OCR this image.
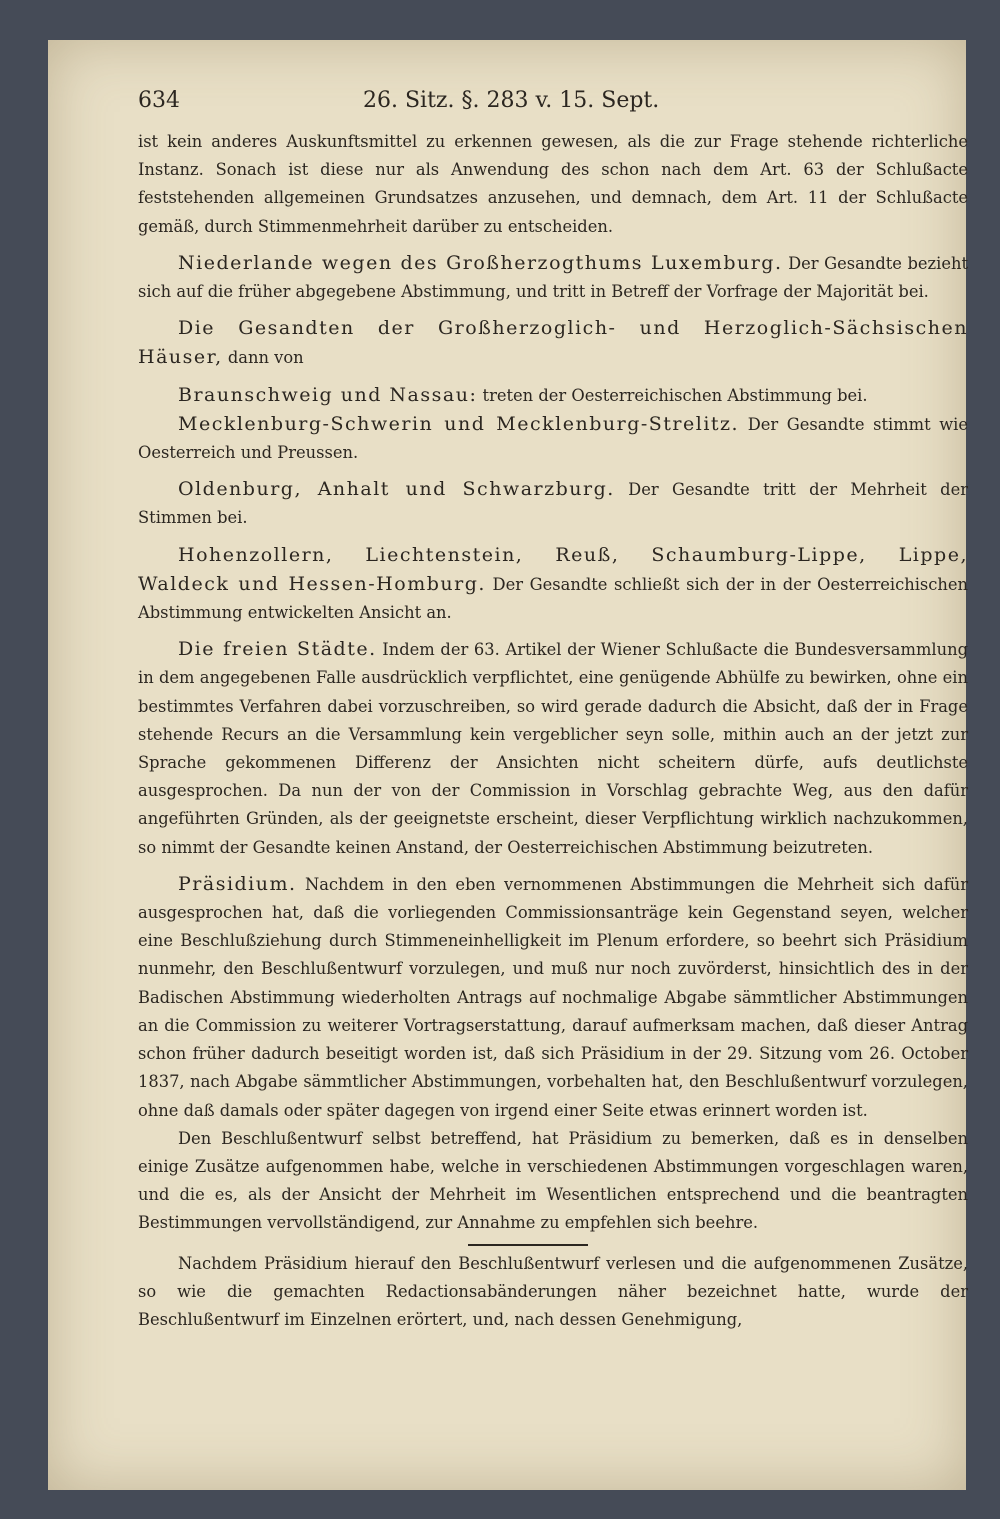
634	26. Sitz. §. 283 v. 15. Sept.

ist kein anderes Auskunftsmittel zu erkennen gewesen, als die zur Frage stehende richterliche Instanz. Sonach ist diese nur als Anwendung des schon nach dem Art. 63 der Schlußacte feststehenden allgemeinen Grundsatzes anzusehen, und demnach, dem Art. 11 der Schlußacte gemäß, durch Stimmenmehrheit darüber zu entscheiden.

Niederlande wegen des Großherzogthums Luxemburg. Der Gesandte bezieht sich auf die früher abgegebene Abstimmung, und tritt in Betreff der Vorfrage der Majorität bei.

Die Gesandten der Großherzoglich- und Herzoglich-Sächsischen Häuser, dann von

Braunschweig und Nassau: treten der Oesterreichischen Abstimmung bei.

Mecklenburg-Schwerin und Mecklenburg-Strelitz. Der Gesandte stimmt wie Oesterreich und Preussen.

Oldenburg, Anhalt und Schwarzburg. Der Gesandte tritt der Mehrheit der Stimmen bei.

Hohenzollern, Liechtenstein, Reuß, Schaumburg-Lippe, Lippe, Waldeck und Hessen-Homburg. Der Gesandte schließt sich der in der Oesterreichischen Abstimmung entwickelten Ansicht an.

Die freien Städte. Indem der 63. Artikel der Wiener Schlußacte die Bundesversammlung in dem angegebenen Falle ausdrücklich verpflichtet, eine genügende Abhülfe zu bewirken, ohne ein bestimmtes Verfahren dabei vorzuschreiben, so wird gerade dadurch die Absicht, daß der in Frage stehende Recurs an die Versammlung kein vergeblicher seyn solle, mithin auch an der jetzt zur Sprache gekommenen Differenz der Ansichten nicht scheitern dürfe, aufs deutlichste ausgesprochen. Da nun der von der Commission in Vorschlag gebrachte Weg, aus den dafür angeführten Gründen, als der geeignetste erscheint, dieser Verpflichtung wirklich nachzukommen, so nimmt der Gesandte keinen Anstand, der Oesterreichischen Abstimmung beizutreten.

Präsidium. Nachdem in den eben vernommenen Abstimmungen die Mehrheit sich dafür ausgesprochen hat, daß die vorliegenden Commissionsanträge kein Gegenstand seyen, welcher eine Beschlußziehung durch Stimmeneinhelligkeit im Plenum erfordere, so beehrt sich Präsidium nunmehr, den Beschlußentwurf vorzulegen, und muß nur noch zuvörderst, hinsichtlich des in der Badischen Abstimmung wiederholten Antrags auf nochmalige Abgabe sämmtlicher Abstimmungen an die Commission zu weiterer Vortragserstattung, darauf aufmerksam machen, daß dieser Antrag schon früher dadurch beseitigt worden ist, daß sich Präsidium in der 29. Sitzung vom 26. October 1837, nach Abgabe sämmtlicher Abstimmungen, vorbehalten hat, den Beschlußentwurf vorzulegen, ohne daß damals oder später dagegen von irgend einer Seite etwas erinnert worden ist.

Den Beschlußentwurf selbst betreffend, hat Präsidium zu bemerken, daß es in denselben einige Zusätze aufgenommen habe, welche in verschiedenen Abstimmungen vorgeschlagen waren, und die es, als der Ansicht der Mehrheit im Wesentlichen entsprechend und die beantragten Bestimmungen vervollständigend, zur Annahme zu empfehlen sich beehre.

Nachdem Präsidium hierauf den Beschlußentwurf verlesen und die aufgenommenen Zusätze, so wie die gemachten Redactionsabänderungen näher bezeichnet hatte, wurde der Beschlußentwurf im Einzelnen erörtert, und, nach dessen Genehmigung,
